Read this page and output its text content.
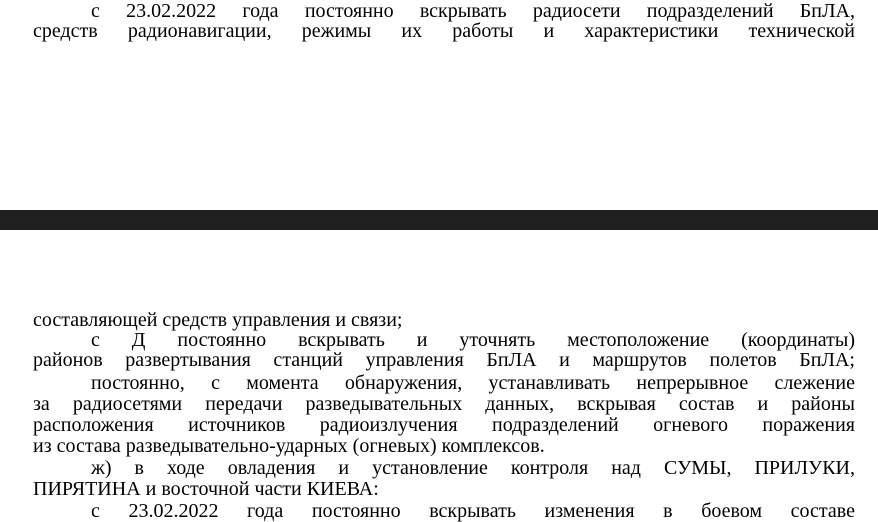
с 23.02.2022 года постоянно вскрывать радиосети подразделений БпЛА,
средств радионавигации, режимы их работы и характеристики технической
составляющей средств управления и связи;
с Д постоянно вскрывать и уточнять местоположение (координаты)
районов развертывания станций управления БпЛА и маршрутов полетов БпЛА;
постоянно, с момента обнаружения, устанавливать непрерывное слежение
за радиосетями передачи разведывательных данных, вскрывая состав и районы
расположения источников радиоизлучения подразделений огневого поражения
из состава разведывательно-ударных (огневых) комплексов.
ж) в ходе овладения и установление контроля над СУМЫ, ПРИЛУКИ,
ПИРЯТИНА и восточной части КИЕВА:
с 23.02.2022 года постоянно вскрывать изменения в боевом составе
